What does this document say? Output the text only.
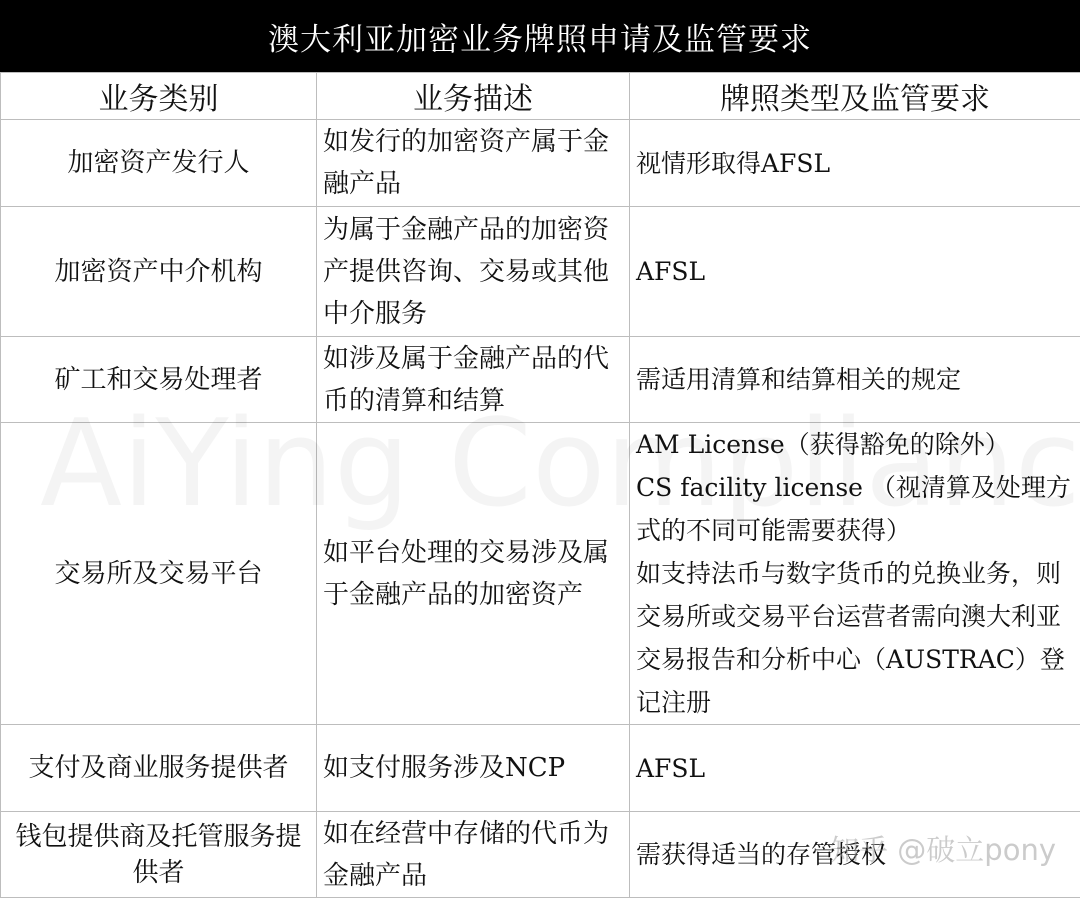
澳大利亚加密业务牌照申请及监管要求
业务类别	业务描述	牌照类型及监管要求
加密资产发行人	如发行的加密资产属于金融产品	视情形取得AFSL

加密资产中介机构	为属于金融产品的加密资产提供咨询、交易或其他中介服务	AFSL

矿工和交易处理者	如涉及属于金融产品的代币的清算和结算	需适用清算和结算相关的规定

交易所及交易平台	如平台处理的交易涉及属于金融产品的加密资产	AM License（获得豁免的除外）
CS facility license （视清算及处理方式的不同可能需要获得）
如支持法币与数字货币的兑换业务，则交易所或交易平台运营者需向澳大利亚交易报告和分析中心（AUSTRAC）登记注册

支付及商业服务提供者	如支付服务涉及NCP	AFSL

钱包提供商及托管服务提供者	如在经营中存储的代币为金融产品	需获得适当的存管授权
知乎 @破立pony
